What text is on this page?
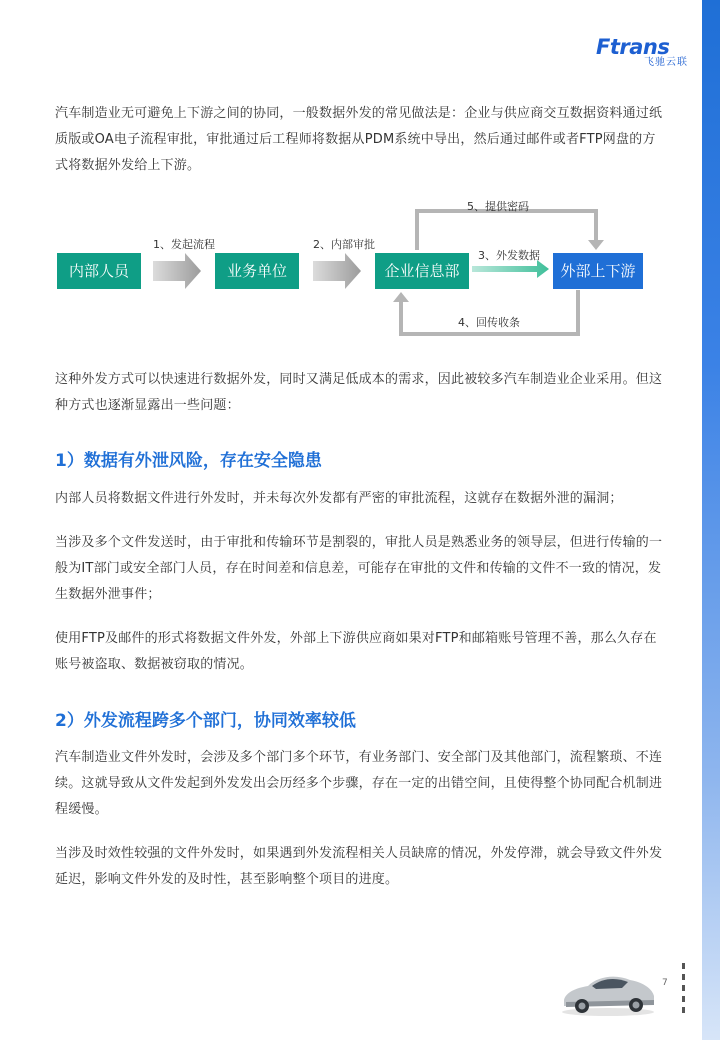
Ftrans
飞驰云联

汽车制造业无可避免上下游之间的协同，一般数据外发的常见做法是：企业与供应商交互数据资料通过纸质版或OA电子流程审批，审批通过后工程师将数据从PDM系统中导出，然后通过邮件或者FTP网盘的方式将数据外发给上下游。

内部人员	业务单位	企业信息部	外部上下游
1、发起流程	2、内部审批
3、外发数据
4、回传收条
5、提供密码

这种外发方式可以快速进行数据外发，同时又满足低成本的需求，因此被较多汽车制造业企业采用。但这种方式也逐渐显露出一些问题：

1）数据有外泄风险，存在安全隐患

内部人员将数据文件进行外发时，并未每次外发都有严密的审批流程，这就存在数据外泄的漏洞；

当涉及多个文件发送时，由于审批和传输环节是割裂的，审批人员是熟悉业务的领导层，但进行传输的一般为IT部门或安全部门人员，存在时间差和信息差，可能存在审批的文件和传输的文件不一致的情况，发生数据外泄事件；

使用FTP及邮件的形式将数据文件外发，外部上下游供应商如果对FTP和邮箱账号管理不善，那么久存在账号被盗取、数据被窃取的情况。

2）外发流程跨多个部门，协同效率较低

汽车制造业文件外发时，会涉及多个部门多个环节，有业务部门、安全部门及其他部门，流程繁琐、不连续。这就导致从文件发起到外发发出会历经多个步骤，存在一定的出错空间，且使得整个协同配合机制进程缓慢。

当涉及时效性较强的文件外发时，如果遇到外发流程相关人员缺席的情况，外发停滞，就会导致文件外发延迟，影响文件外发的及时性，甚至影响整个项目的进度。

7
